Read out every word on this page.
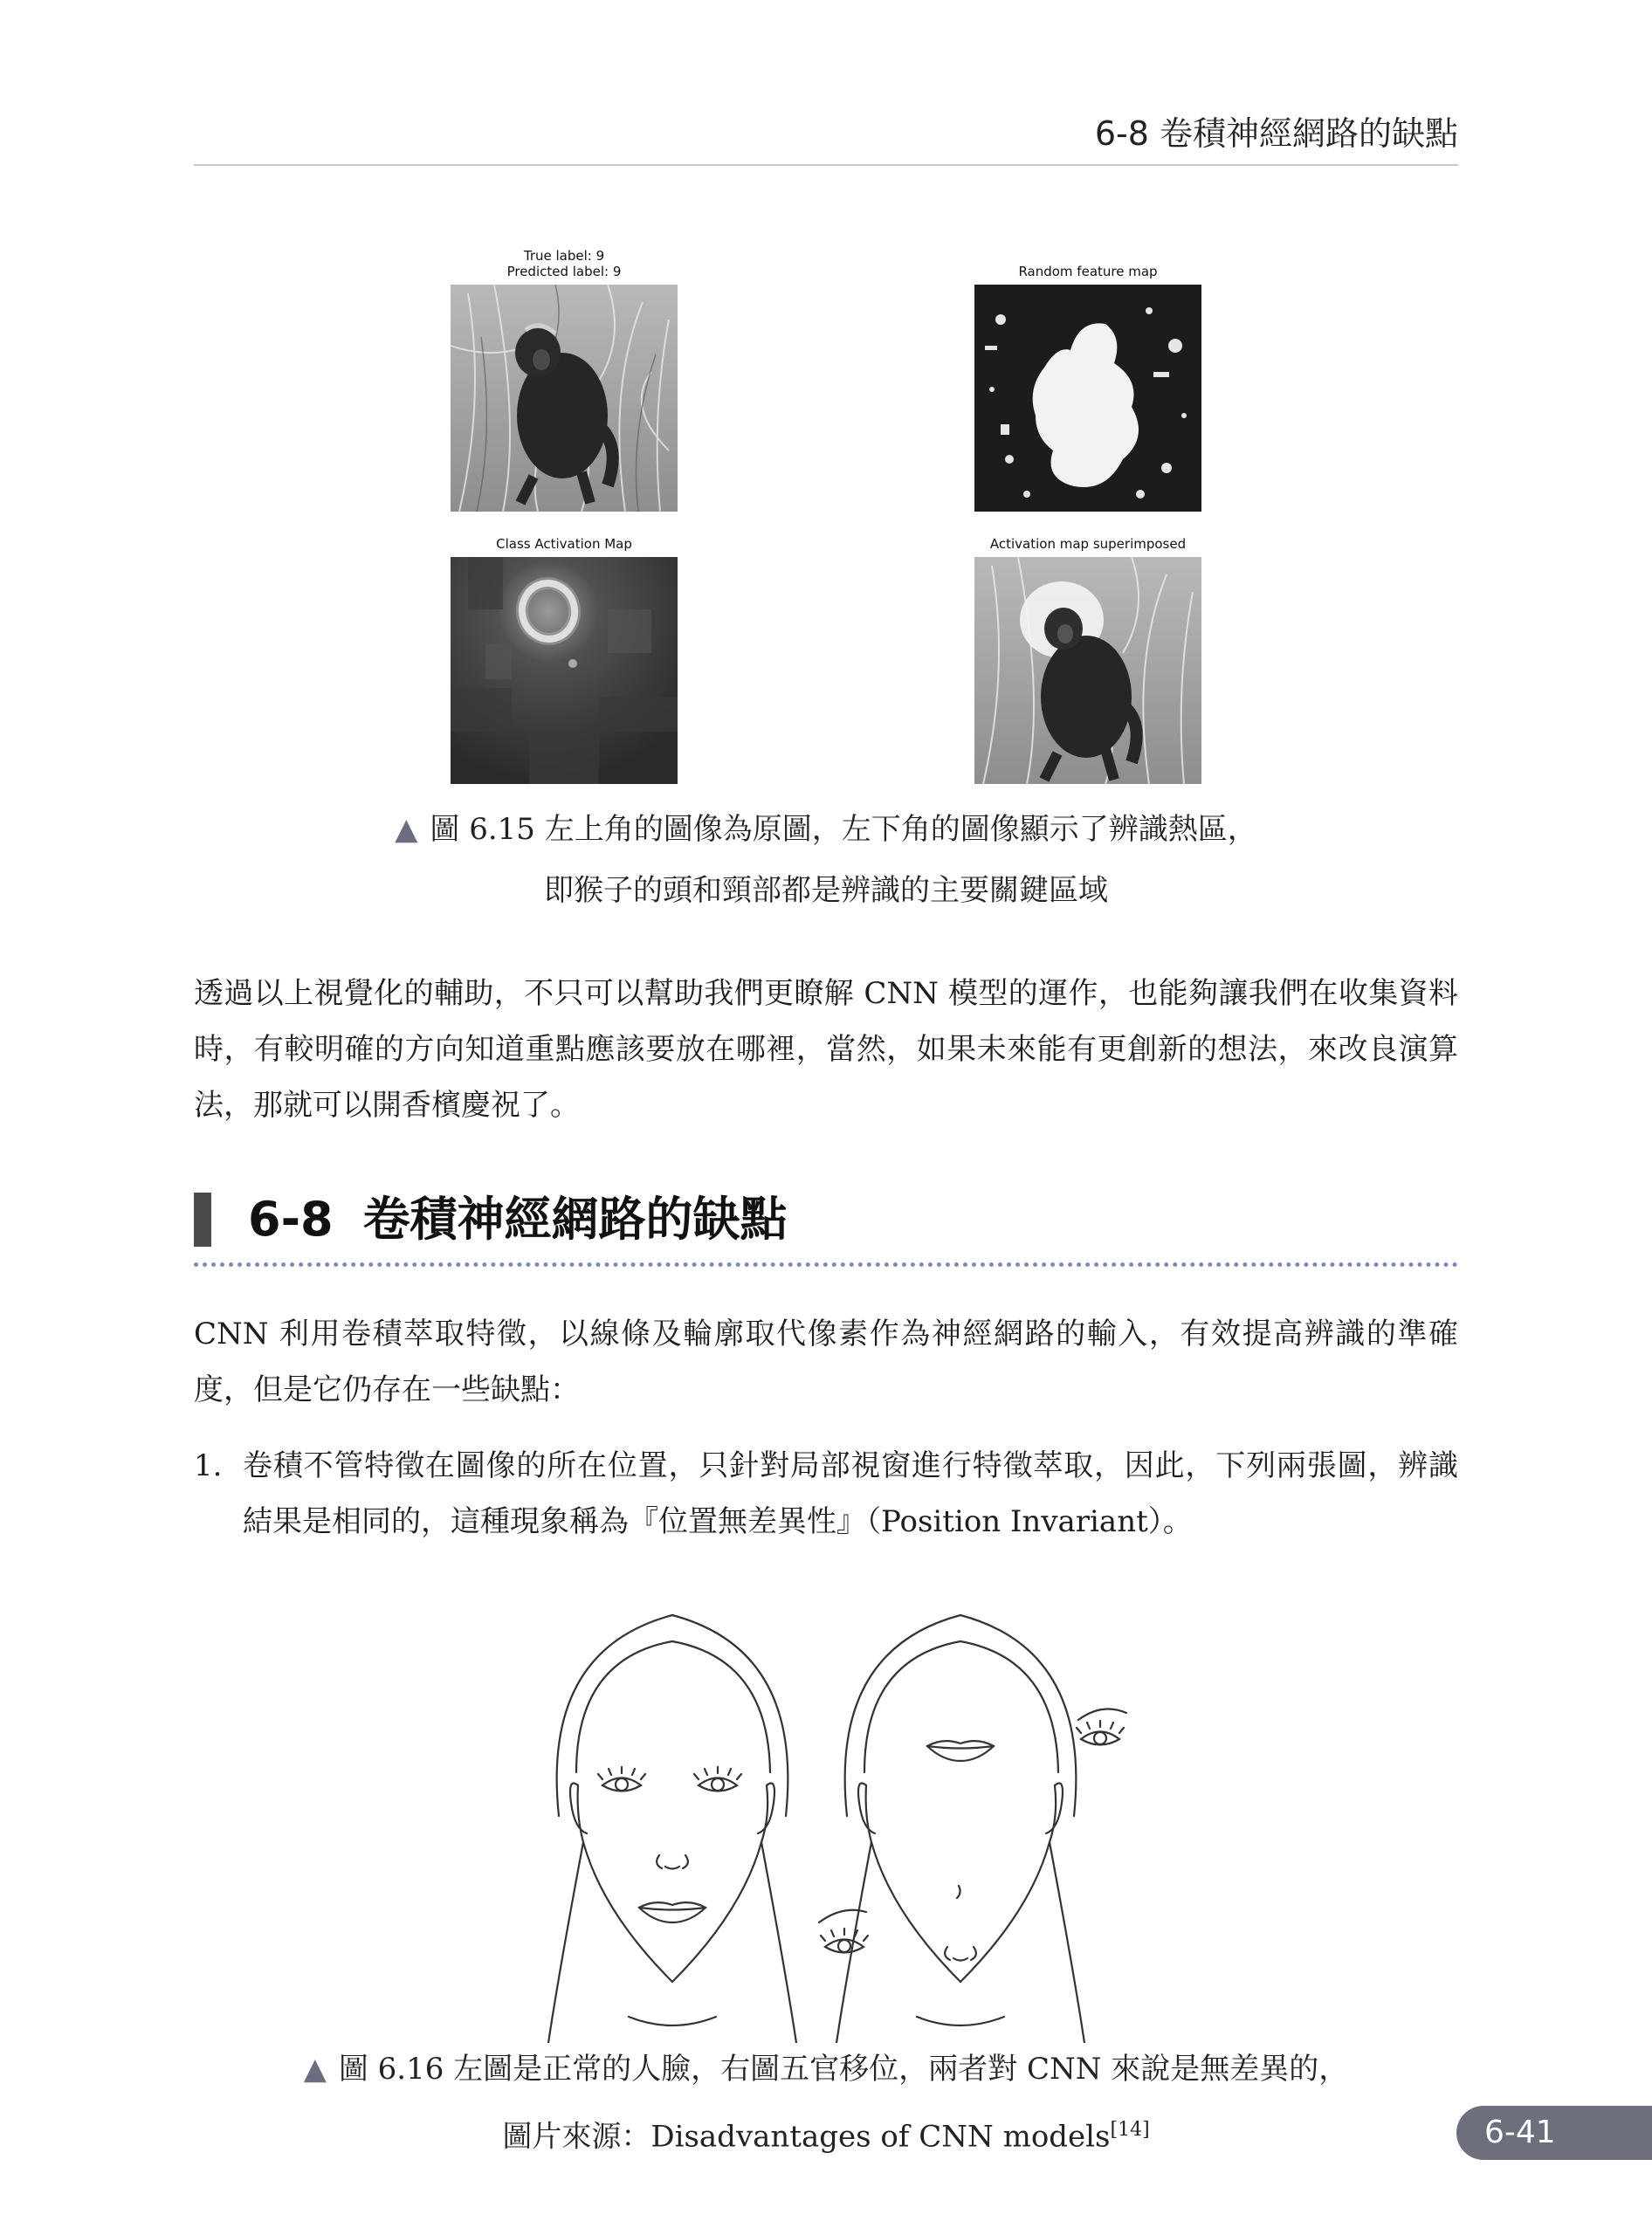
6-8 卷積神經網路的缺點
True label: 9
Predicted label: 9	Random feature map
Class Activation Map	Activation map superimposed
▲ 圖 6.15 左上角的圖像為原圖，左下角的圖像顯示了辨識熱區，
即猴子的頭和頸部都是辨識的主要關鍵區域
透過以上視覺化的輔助，不只可以幫助我們更瞭解 CNN 模型的運作，也能夠讓我們在收集資料時，有較明確的方向知道重點應該要放在哪裡，當然，如果未來能有更創新的想法，來改良演算法，那就可以開香檳慶祝了。
6-8 卷積神經網路的缺點
CNN 利用卷積萃取特徵，以線條及輪廓取代像素作為神經網路的輸入，有效提高辨識的準確度，但是它仍存在一些缺點：
1. 卷積不管特徵在圖像的所在位置，只針對局部視窗進行特徵萃取，因此，下列兩張圖，辨識結果是相同的，這種現象稱為『位置無差異性』（Position Invariant）。
▲ 圖 6.16 左圖是正常的人臉，右圖五官移位，兩者對 CNN 來說是無差異的，
圖片來源：Disadvantages of CNN models[14]	6-41
